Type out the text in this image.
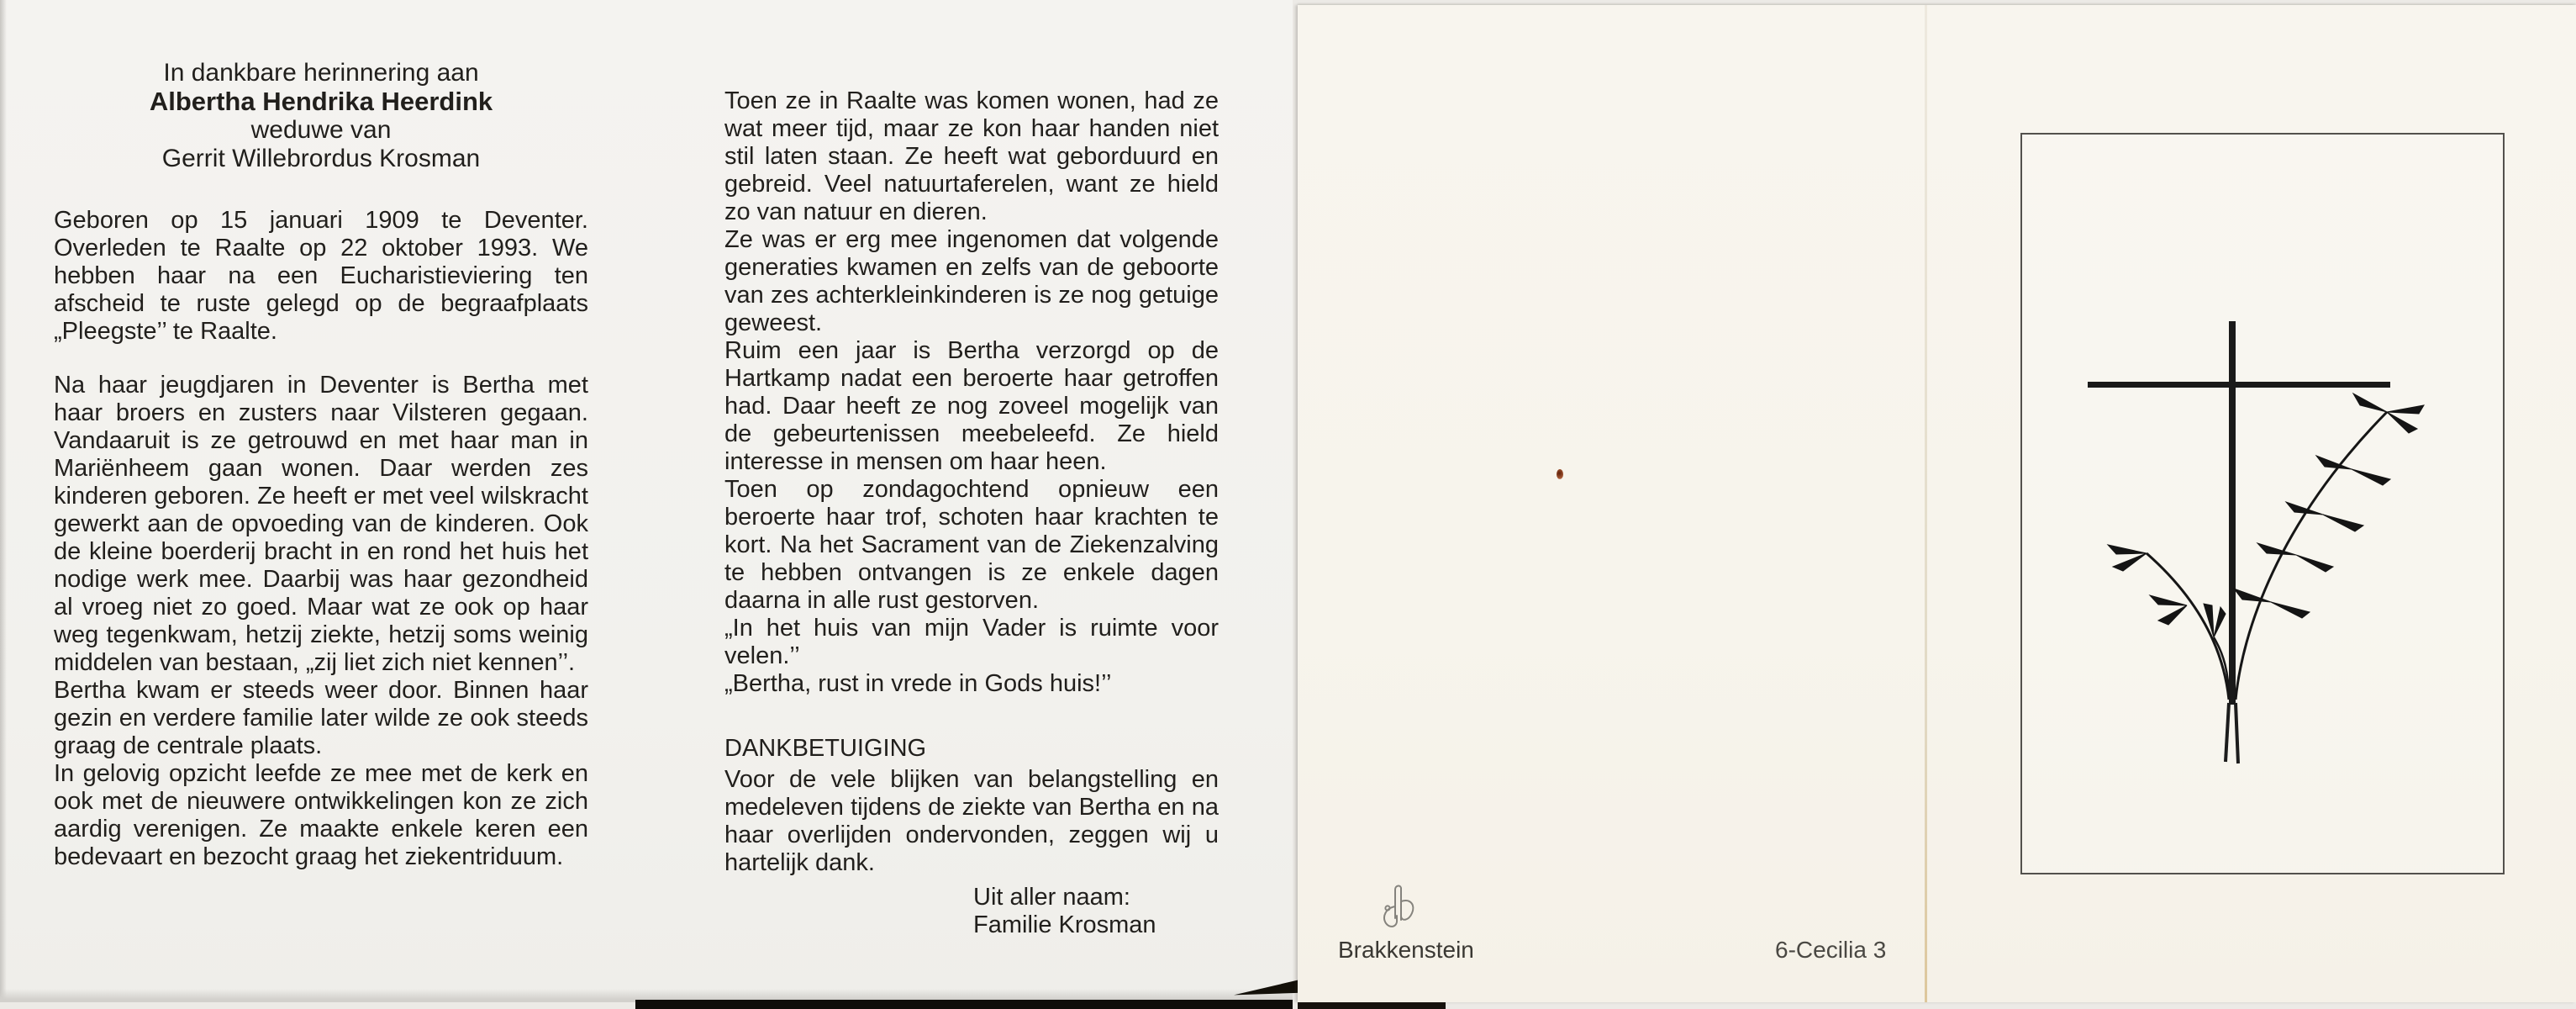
In dankbare herinnering aan
Albertha Hendrika Heerdink
weduwe van
Gerrit Willebrordus Krosman

Geboren op 15 januari 1909 te Deventer. Overleden te Raalte op 22 oktober 1993. We hebben haar na een Eucharistieviering ten afscheid te ruste gelegd op de begraafplaats „Pleegste’’ te Raalte.

Na haar jeugdjaren in Deventer is Bertha met haar broers en zusters naar Vilsteren gegaan. Vandaaruit is ze getrouwd en met haar man in Mariënheem gaan wonen. Daar werden zes kinderen geboren. Ze heeft er met veel wilskracht gewerkt aan de opvoeding van de kinderen. Ook de kleine boerderij bracht in en rond het huis het nodige werk mee. Daarbij was haar gezondheid al vroeg niet zo goed. Maar wat ze ook op haar weg tegenkwam, hetzij ziekte, hetzij soms weinig middelen van bestaan, „zij liet zich niet kennen’’.

Bertha kwam er steeds weer door. Binnen haar gezin en verdere familie later wilde ze ook steeds graag de centrale plaats.

In gelovig opzicht leefde ze mee met de kerk en ook met de nieuwere ontwikkelingen kon ze zich aardig verenigen. Ze maakte enkele keren een bedevaart en bezocht graag het ziekentriduum.

Toen ze in Raalte was komen wonen, had ze wat meer tijd, maar ze kon haar handen niet stil laten staan. Ze heeft wat geborduurd en gebreid. Veel natuurtaferelen, want ze hield zo van natuur en dieren.

Ze was er erg mee ingenomen dat volgende generaties kwamen en zelfs van de geboorte van zes achterkleinkinderen is ze nog getuige geweest.

Ruim een jaar is Bertha verzorgd op de Hartkamp nadat een beroerte haar getroffen had. Daar heeft ze nog zoveel mogelijk van de gebeurtenissen meebeleefd. Ze hield interesse in mensen om haar heen.

Toen op zondagochtend opnieuw een beroerte haar trof, schoten haar krachten te kort. Na het Sacrament van de Ziekenzalving te hebben ontvangen is ze enkele dagen daarna in alle rust gestorven.

„In het huis van mijn Vader is ruimte voor velen.’’

„Bertha, rust in vrede in Gods huis!’’

DANKBETUIGING

Voor de vele blijken van belangstelling en medeleven tijdens de ziekte van Bertha en na haar overlijden ondervonden, zeggen wij u hartelijk dank.

Uit aller naam:

Familie Krosman

Brakkenstein	6-Cecilia 3
